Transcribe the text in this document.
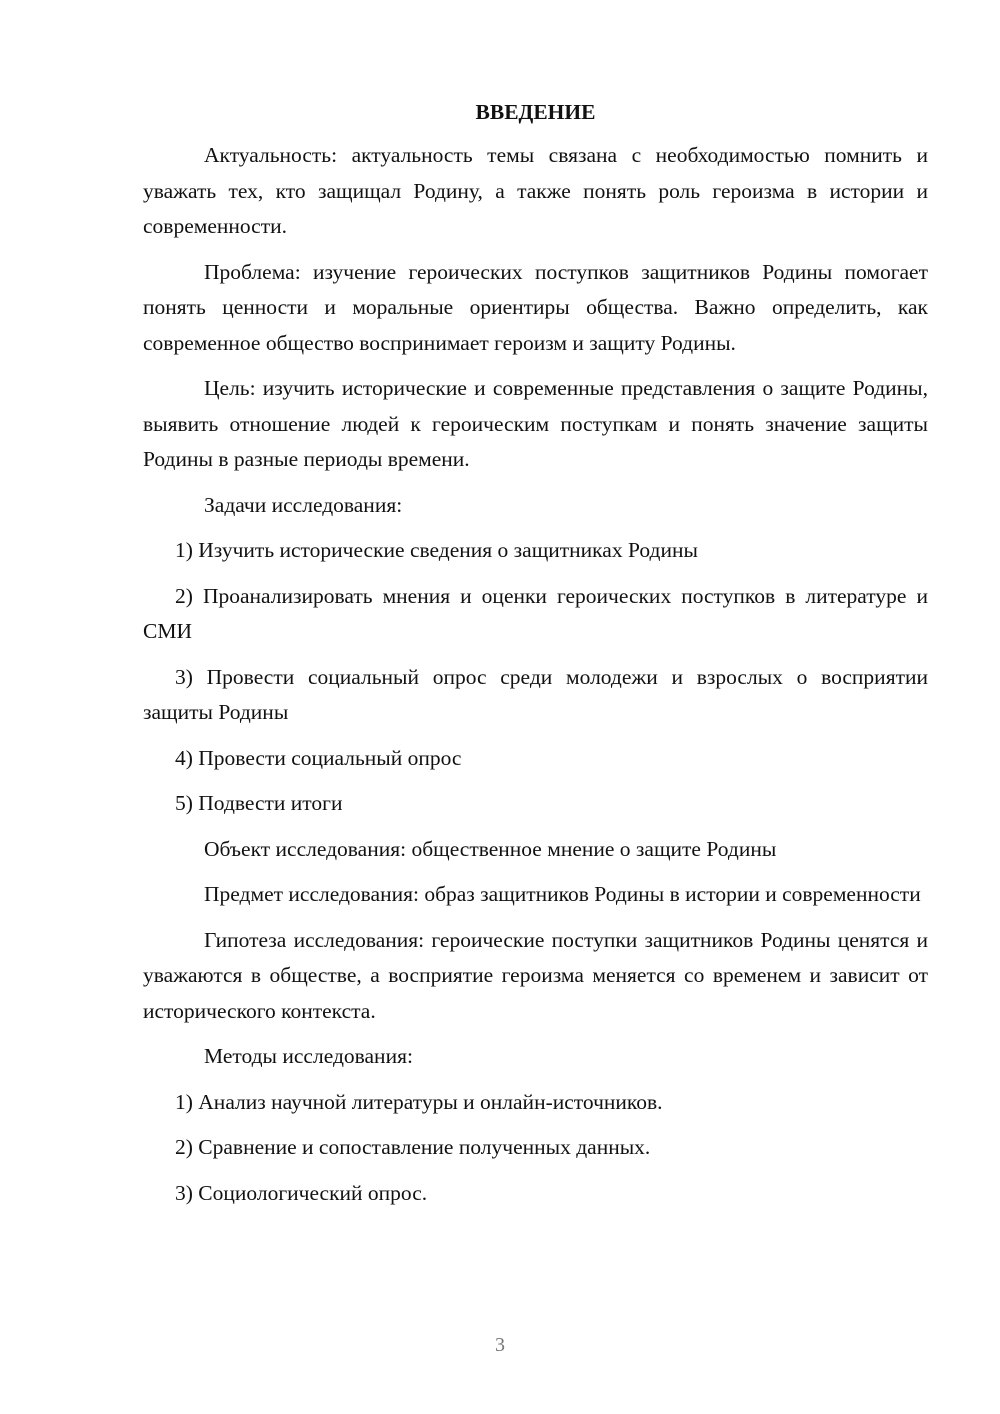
ВВЕДЕНИЕ

Актуальность: актуальность темы связана с необходимостью помнить и уважать тех, кто защищал Родину, а также понять роль героизма в истории и современности.

Проблема: изучение героических поступков защитников Родины помогает понять ценности и моральные ориентиры общества. Важно определить, как современное общество воспринимает героизм и защиту Родины.

Цель: изучить исторические и современные представления о защите Родины, выявить отношение людей к героическим поступкам и понять значение защиты Родины в разные периоды времени.

Задачи исследования:

1) Изучить исторические сведения о защитниках Родины

2) Проанализировать мнения и оценки героических поступков в литературе и СМИ

3) Провести социальный опрос среди молодежи и взрослых о восприятии защиты Родины

4) Провести социальный опрос

5) Подвести итоги

Объект исследования: общественное мнение о защите Родины

Предмет исследования: образ защитников Родины в истории и современности

Гипотеза исследования: героические поступки защитников Родины ценятся и уважаются в обществе, а восприятие героизма меняется со временем и зависит от исторического контекста.

Методы исследования:

1) Анализ научной литературы и онлайн-источников.

2) Сравнение и сопоставление полученных данных.

3) Социологический опрос.

3
